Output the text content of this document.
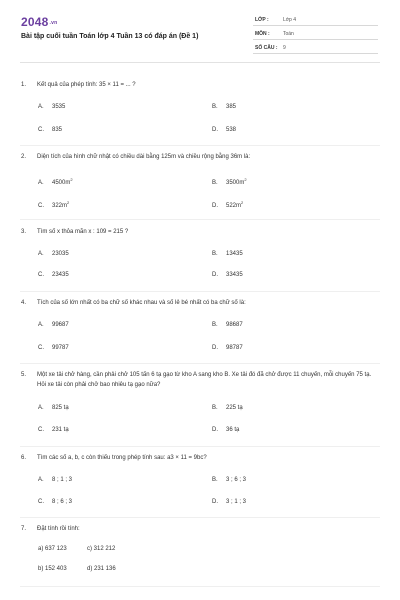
2048.vn
Bài tập cuối tuần Toán lớp 4 Tuần 13 có đáp án (Đề 1)
LỚP :	Lớp 4
MÔN :	Toán
SỐ CÂU : 9
1. Kết quả của phép tính: 35 × 11 = ... ?
A. 3535	B. 385
C. 835	D. 538
2. Diện tích của hình chữ nhật có chiều dài bằng 125m và chiều rộng bằng 36m là:
A. $4500m^2$
B. $3500m^2$
C. $322m^2$
D. $522m^2$
3. Tìm số x thỏa mãn x : 109 = 215 ?
A. 23035	B. 13435
C. 23435	D. 33435
4. Tích của số lớn nhất có ba chữ số khác nhau và số lẻ bé nhất có ba chữ số là:
A. 99687	B. 98687
C. 99787	D. 98787
5. Một xe tải chở hàng, cần phải chở 105 tấn 6 tạ gạo từ kho A sang kho B. Xe tải đó đã chở được 11 chuyến, mỗi chuyến 75 tạ. Hỏi xe tải còn phải chở bao nhiêu tạ gạo nữa?
A. 825 tạ	B. 225 tạ
C. 231 tạ	D. 36 tạ
6. Tìm các số a, b, c còn thiếu trong phép tính sau: a3 × 11 = 9bc?
A. 8 ; 1 ; 3	B. 3 ; 6 ; 3
C. 8 ; 6 ; 3	D. 3 ; 1 ; 3
7. Đặt tính rồi tính:
a) 637 123	c) 312 212
b) 152 403	d) 231 136
